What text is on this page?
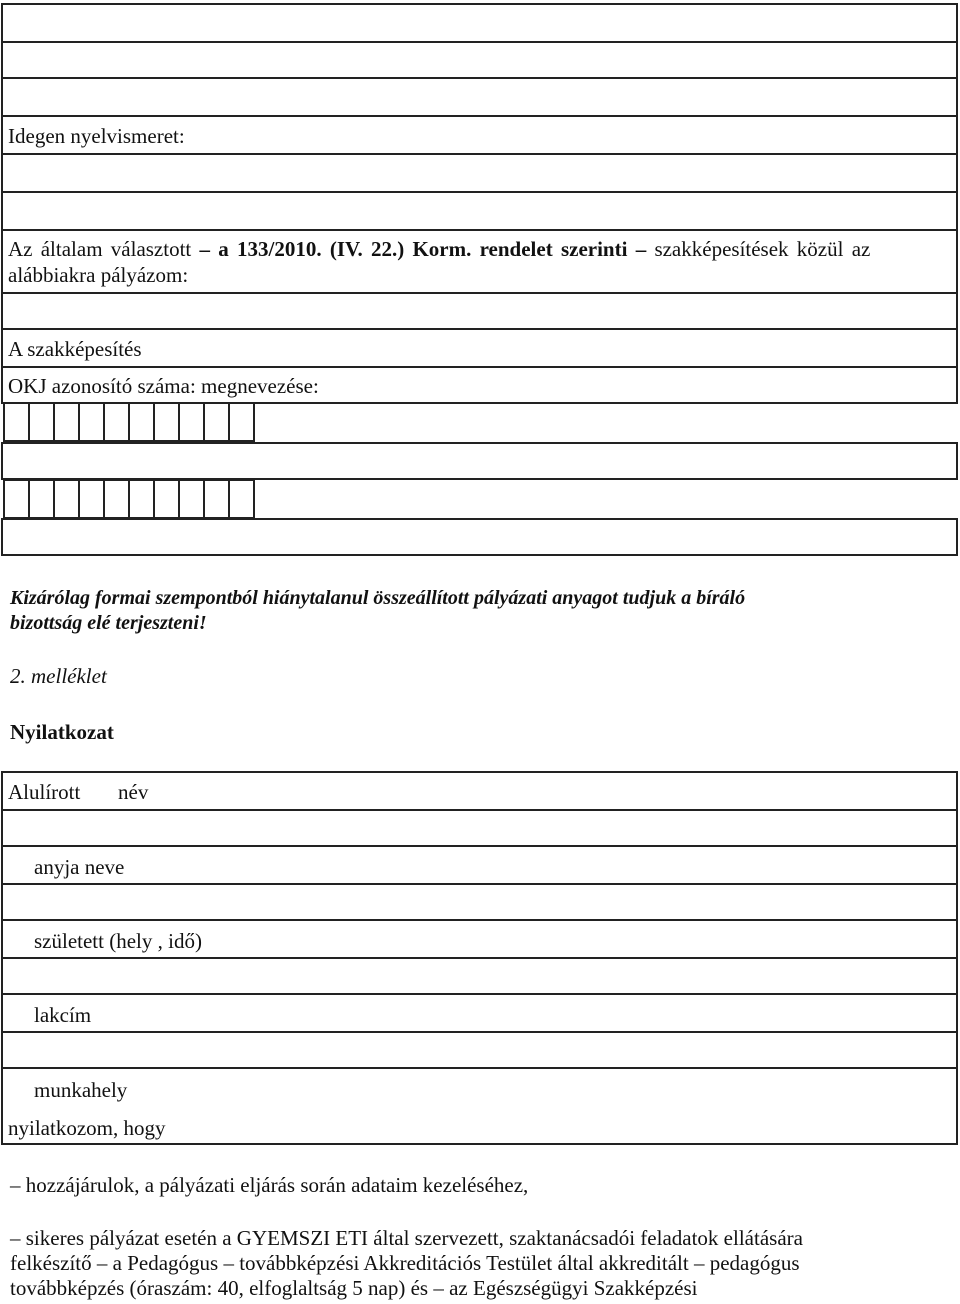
Idegen nyelvismeret:
Az általam választott – a 133/2010. (IV. 22.) Korm. rendelet szerinti – szakképesítések közül az
alábbiakra pályázom:
A szakképesítés
OKJ azonosító száma: megnevezése:
Kizárólag formai szempontból hiánytalanul összeállított pályázati anyagot tudjuk a bíráló
bizottság elé terjeszteni!
2. melléklet
Nyilatkozat
Alulírott név
anyja neve
született (hely , idő)
lakcím
munkahely
nyilatkozom, hogy
– hozzájárulok, a pályázati eljárás során adataim kezeléséhez,
– sikeres pályázat esetén a GYEMSZI ETI által szervezett, szaktanácsadói feladatok ellátására
felkészítő – a Pedagógus – továbbképzési Akkreditációs Testület által akkreditált – pedagógus
továbbképzés (óraszám: 40, elfoglaltság 5 nap) és – az Egészségügyi Szakképzési
